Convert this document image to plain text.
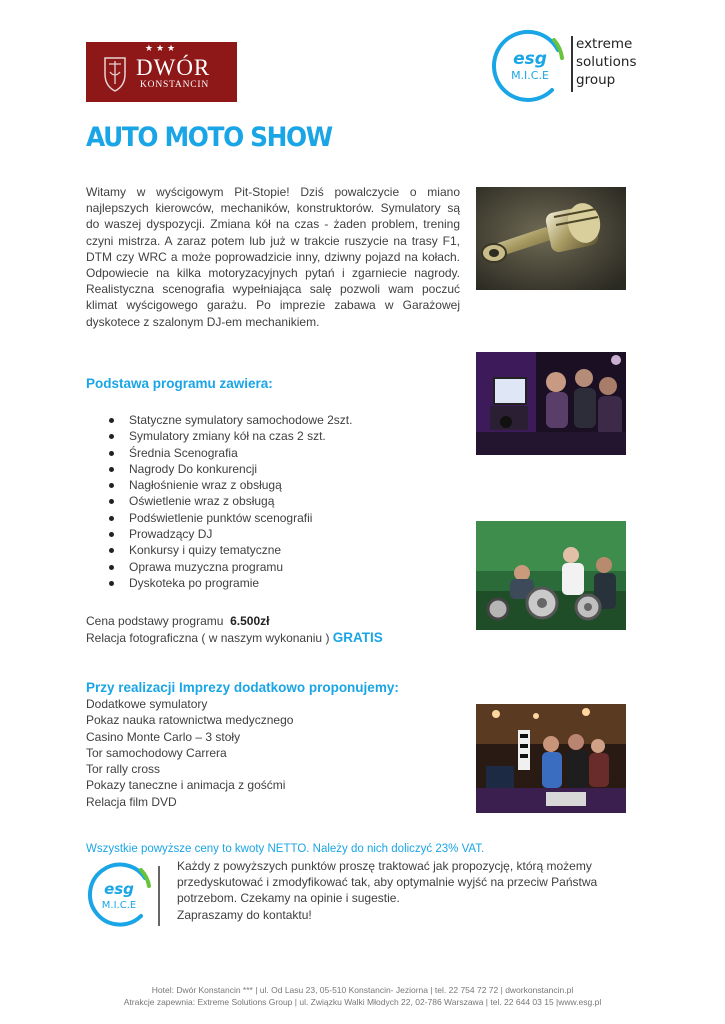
★★★
DWÓR
KONSTANCIN
esg
M.I.C.E
extreme
solutions
group
AUTO MOTO SHOW

Witamy w wyścigowym Pit-Stopie! Dziś powalczycie o miano najlepszych kierowców, mechaników, konstruktorów. Symulatory są do waszej dyspozycji. Zmiana kół na czas - żaden problem, trening czyni mistrza. A zaraz potem lub już w trakcie ruszycie na trasy F1, DTM czy WRC a może poprowadzicie inny, dziwny pojazd na kołach. Odpowiecie na kilka motoryzacyjnych pytań i zgarniecie nagrody. Realistyczna scenografia wypełniająca salę pozwoli wam poczuć klimat wyścigowego garażu. Po imprezie zabawa w Garażowej dyskotece z szalonym DJ-em mechanikiem.

Podstawa programu zawiera:
Statyczne symulatory samochodowe 2szt.
Symulatory zmiany kół na czas 2 szt.
Średnia Scenografia
Nagrody Do konkurencji
Nagłośnienie wraz z obsługą
Oświetlenie wraz z obsługą
Podświetlenie punktów scenografii
Prowadzący DJ
Konkursy i quizy tematyczne
Oprawa muzyczna programu
Dyskoteka po programie
Cena podstawy programu 6.500zł
Relacja fotograficzna ( w naszym wykonaniu ) GRATIS
Przy realizacji Imprezy dodatkowo proponujemy:
Dodatkowe symulatory
Pokaz nauka ratownictwa medycznego
Casino Monte Carlo – 3 stoły
Tor samochodowy Carrera
Tor rally cross
Pokazy taneczne i animacja z gośćmi
Relacja film DVD
Wszystkie powyższe ceny to kwoty NETTO. Należy do nich doliczyć 23% VAT.
esg
M.I.C.E
Każdy z powyższych punktów proszę traktować jak propozycję, którą możemy przedyskutować i zmodyfikować tak, aby optymalnie wyjść na przeciw Państwa potrzebom. Czekamy na opinie i sugestie.
Zapraszamy do kontaktu!
Hotel: Dwór Konstancin *** | ul. Od Lasu 23, 05-510 Konstancin- Jeziorna | tel. 22 754 72 72 | dworkonstancin.pl
Atrakcje zapewnia: Extreme Solutions Group | ul. Związku Walki Młodych 22, 02-786 Warszawa | tel. 22 644 03 15 |www.esg.pl
